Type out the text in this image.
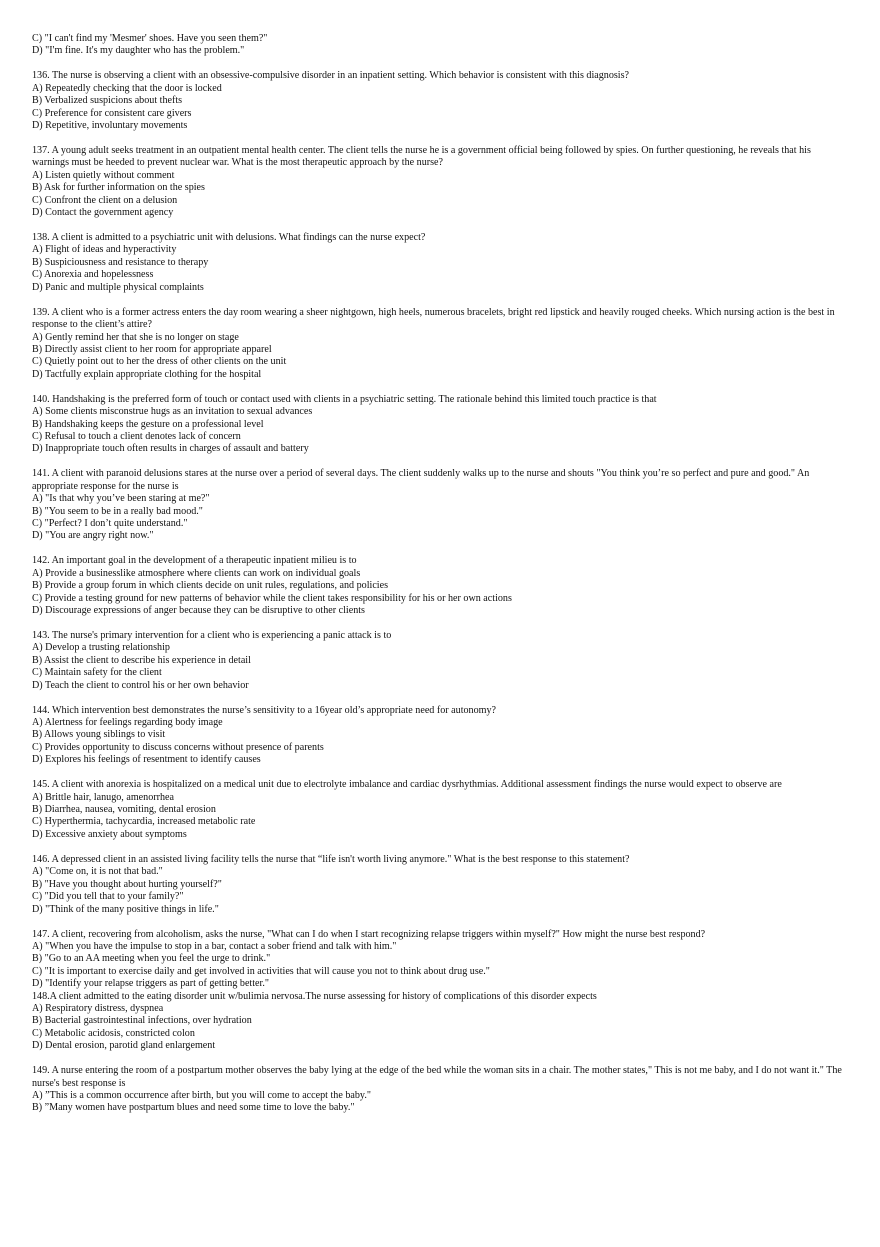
C) "I can't find my 'Mesmer' shoes. Have you seen them?"
D) "I'm fine. It's my daughter who has the problem."
136. The nurse is observing a client with an obsessive-compulsive disorder in an inpatient setting. Which behavior is consistent with this diagnosis?
A) Repeatedly checking that the door is locked
B) Verbalized suspicions about thefts
C) Preference for consistent care givers
D) Repetitive, involuntary movements
137. A young adult seeks treatment in an outpatient mental health center. The client tells the nurse he is a government official being followed by spies. On further questioning, he reveals that his warnings must be heeded to prevent nuclear war. What is the most therapeutic approach by the nurse?
A) Listen quietly without comment
B) Ask for further information on the spies
C) Confront the client on a delusion
D) Contact the government agency
138. A client is admitted to a psychiatric unit with delusions. What findings can the nurse expect?
A) Flight of ideas and hyperactivity
B) Suspiciousness and resistance to therapy
C) Anorexia and hopelessness
D) Panic and multiple physical complaints
139. A client who is a former actress enters the day room wearing a sheer nightgown, high heels, numerous bracelets, bright red lipstick and heavily rouged cheeks. Which nursing action is the best in response to the client’s attire?
A) Gently remind her that she is no longer on stage
B) Directly assist client to her room for appropriate apparel
C) Quietly point out to her the dress of other clients on the unit
D) Tactfully explain appropriate clothing for the hospital
140. Handshaking is the preferred form of touch or contact used with clients in a psychiatric setting. The rationale behind this limited touch practice is that
A) Some clients misconstrue hugs as an invitation to sexual advances
B) Handshaking keeps the gesture on a professional level
C) Refusal to touch a client denotes lack of concern
D) Inappropriate touch often results in charges of assault and battery
141. A client with paranoid delusions stares at the nurse over a period of several days. The client suddenly walks up to the nurse and shouts "You think you’re so perfect and pure and good." An appropriate response for the nurse is
A) "Is that why you’ve been staring at me?"
B) "You seem to be in a really bad mood."
C) "Perfect? I don’t quite understand."
D) "You are angry right now."
142. An important goal in the development of a therapeutic inpatient milieu is to
A) Provide a businesslike atmosphere where clients can work on individual goals
B) Provide a group forum in which clients decide on unit rules, regulations, and policies
C) Provide a testing ground for new patterns of behavior while the client takes responsibility for his or her own actions
D) Discourage expressions of anger because they can be disruptive to other clients
143. The nurse's primary intervention for a client who is experiencing a panic attack is to
A) Develop a trusting relationship
B) Assist the client to describe his experience in detail
C) Maintain safety for the client
D) Teach the client to control his or her own behavior
144. Which intervention best demonstrates the nurse’s sensitivity to a 16year old’s appropriate need for autonomy?
A) Alertness for feelings regarding body image
B) Allows young siblings to visit
C) Provides opportunity to discuss concerns without presence of parents
D) Explores his feelings of resentment to identify causes
145. A client with anorexia is hospitalized on a medical unit due to electrolyte imbalance and cardiac dysrhythmias. Additional assessment findings the nurse would expect to observe are
A) Brittle hair, lanugo, amenorrhea
B) Diarrhea, nausea, vomiting, dental erosion
C) Hyperthermia, tachycardia, increased metabolic rate
D) Excessive anxiety about symptoms
146. A depressed client in an assisted living facility tells the nurse that “life isn't worth living anymore." What is the best response to this statement?
A) "Come on, it is not that bad."
B) "Have you thought about hurting yourself?"
C) "Did you tell that to your family?"
D) "Think of the many positive things in life."
147. A client, recovering from alcoholism, asks the nurse, "What can I do when I start recognizing relapse triggers within myself?" How might the nurse best respond?
A) "When you have the impulse to stop in a bar, contact a sober friend and talk with him."
B) "Go to an AA meeting when you feel the urge to drink."
C) "It is important to exercise daily and get involved in activities that will cause you not to think about drug use."
D) "Identify your relapse triggers as part of getting better."
148.A client admitted to the eating disorder unit w/bulimia nervosa.The nurse assessing for history of complications of this disorder expects
A) Respiratory distress, dyspnea
B) Bacterial gastrointestinal infections, over hydration
C) Metabolic acidosis, constricted colon
D) Dental erosion, parotid gland enlargement
149. A nurse entering the room of a postpartum mother observes the baby lying at the edge of the bed while the woman sits in a chair. The mother states," This is not me baby, and I do not want it." The nurse's best response is
A) ”This is a common occurrence after birth, but you will come to accept the baby."
B) ”Many women have postpartum blues and need some time to love the baby."
